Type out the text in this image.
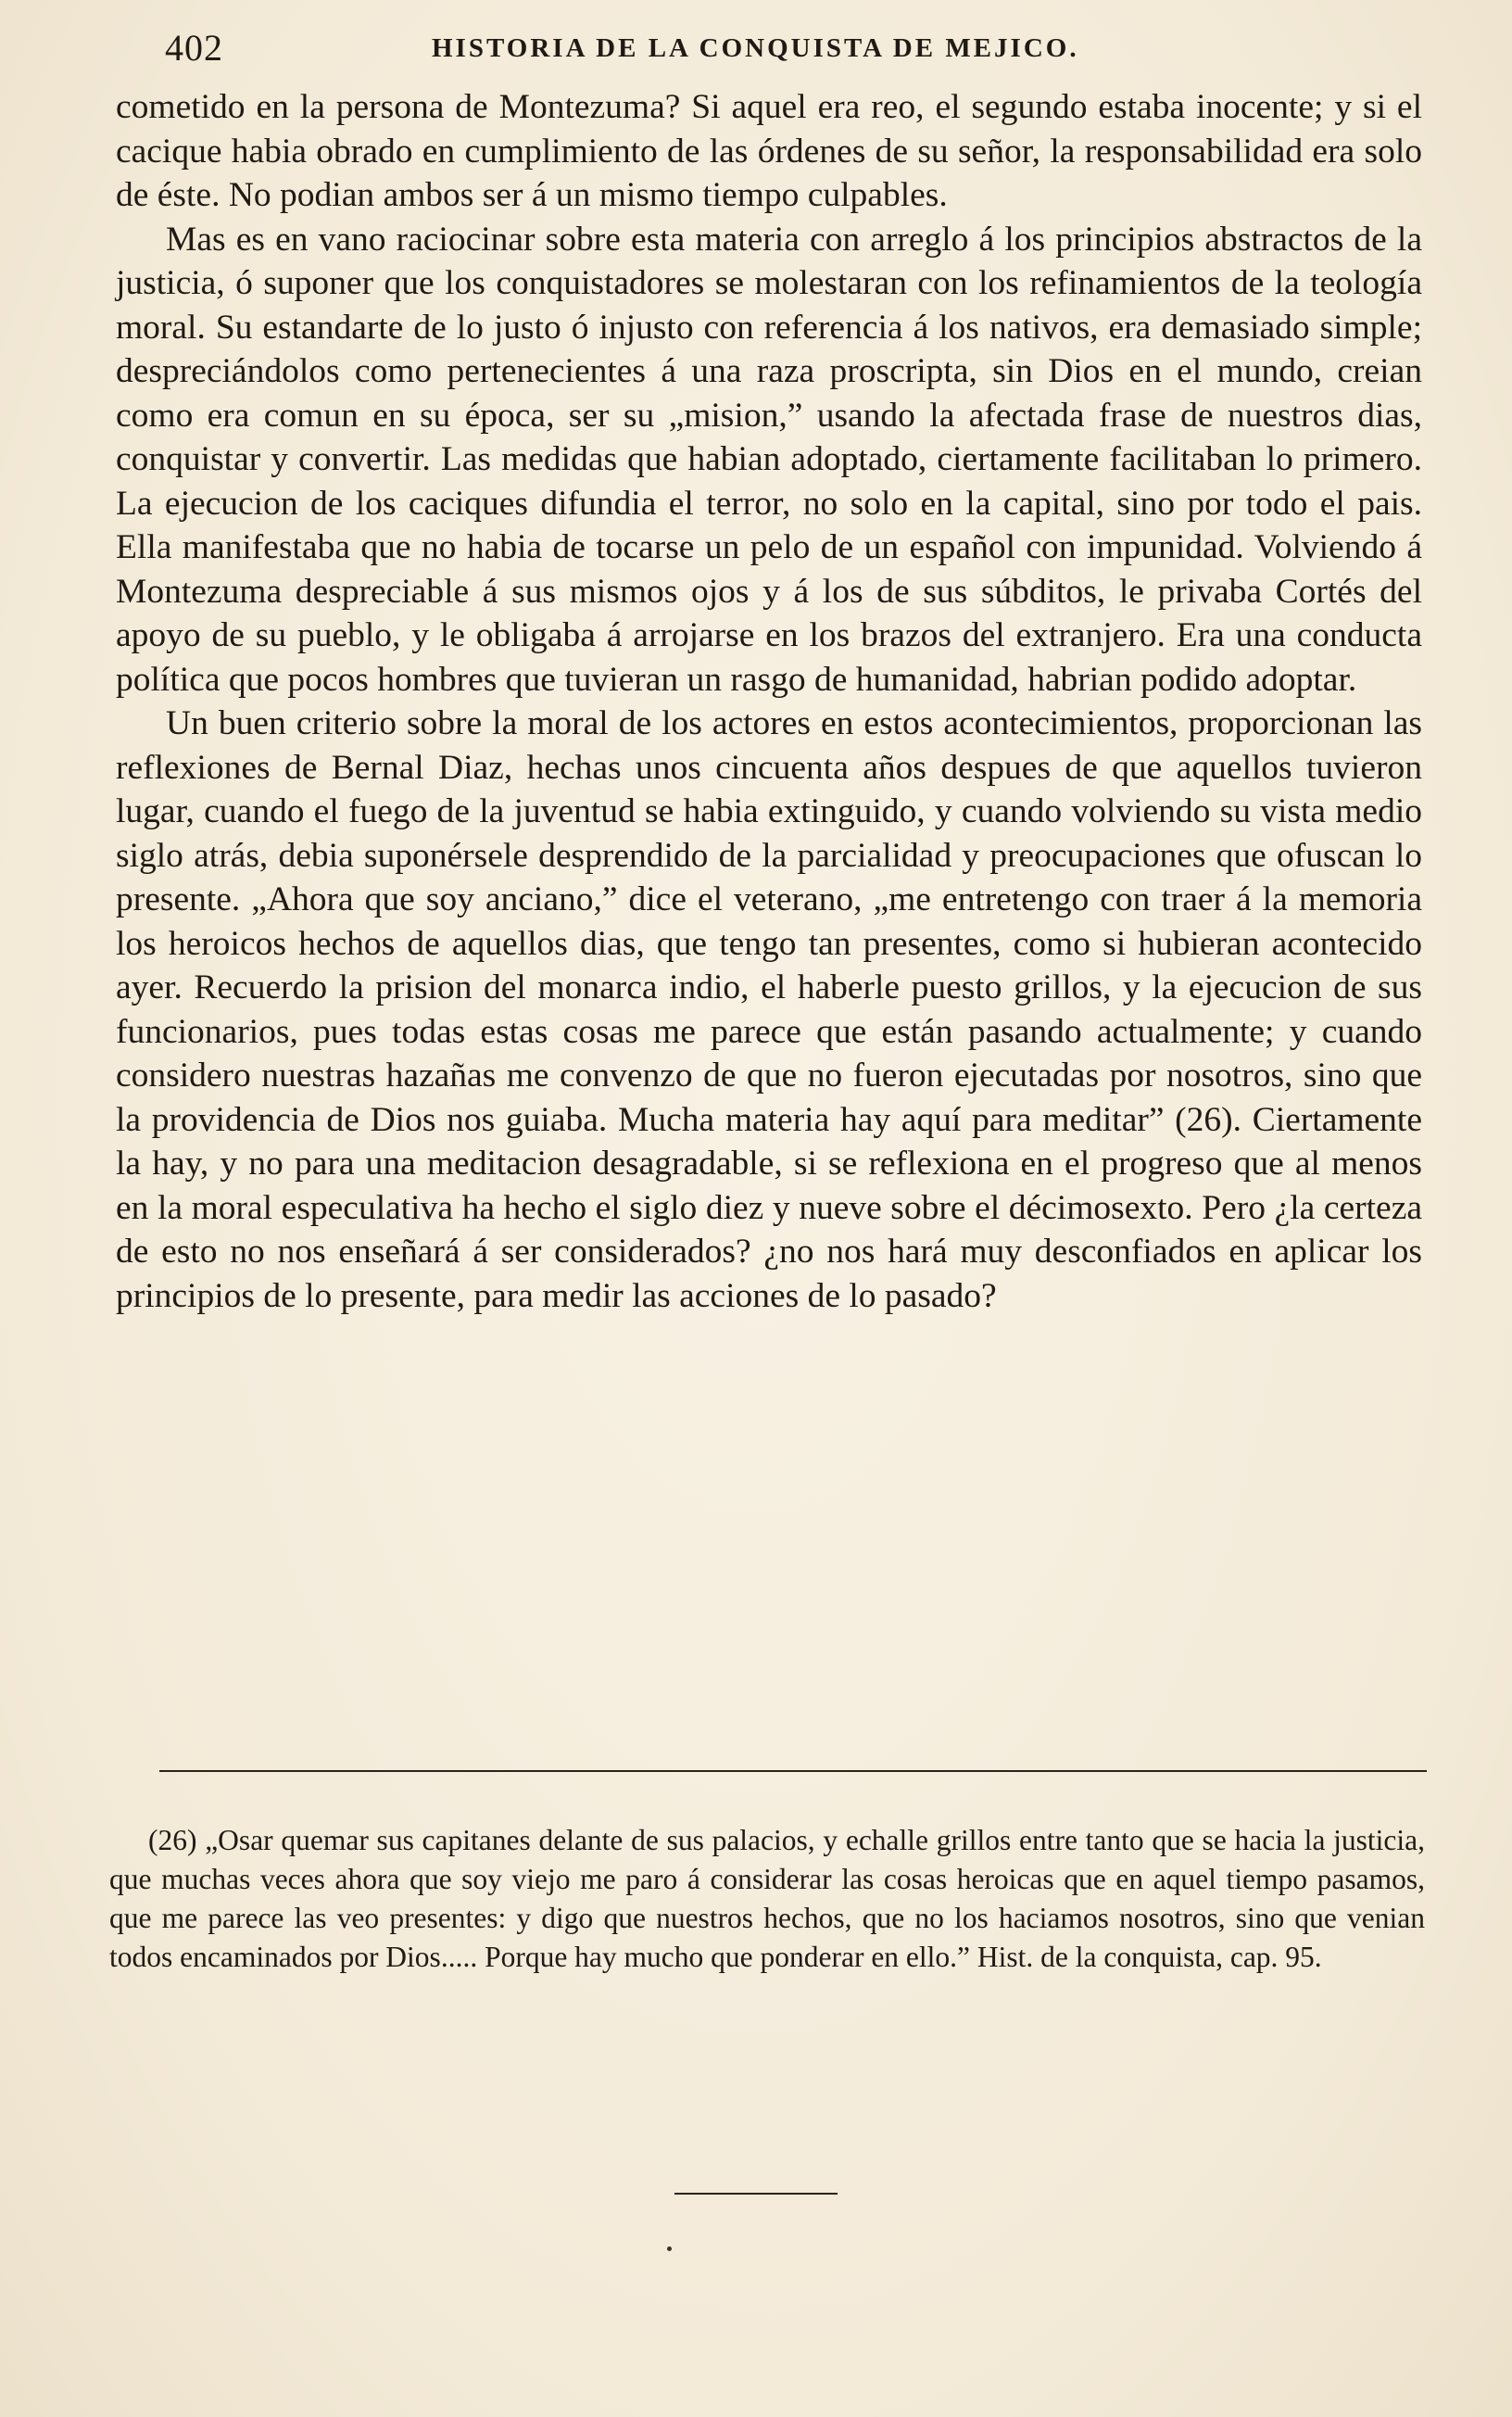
402	HISTORIA DE LA CONQUISTA DE MEJICO.

cometido en la persona de Montezuma? Si aquel era reo, el segundo estaba inocente; y si el cacique habia obrado en cumplimiento de las órdenes de su señor, la responsabilidad era solo de éste. No podian ambos ser á un mismo tiempo culpables.

Mas es en vano raciocinar sobre esta materia con arreglo á los principios abstractos de la justicia, ó suponer que los conquistadores se molestaran con los refinamientos de la teología moral. Su estandarte de lo justo ó injusto con referencia á los nativos, era demasiado simple; despreciándolos como pertenecientes á una raza proscripta, sin Dios en el mundo, creian como era comun en su época, ser su „mision,” usando la afectada frase de nuestros dias, conquistar y convertir. Las medidas que habian adoptado, ciertamente facilitaban lo primero. La ejecucion de los caciques difundia el terror, no solo en la capital, sino por todo el pais. Ella manifestaba que no habia de tocarse un pelo de un español con impunidad. Volviendo á Montezuma despreciable á sus mismos ojos y á los de sus súbditos, le privaba Cortés del apoyo de su pueblo, y le obligaba á arrojarse en los brazos del extranjero. Era una conducta política que pocos hombres que tuvieran un rasgo de humanidad, habrian podido adoptar.

Un buen criterio sobre la moral de los actores en estos acontecimientos, proporcionan las reflexiones de Bernal Diaz, hechas unos cincuenta años despues de que aquellos tuvieron lugar, cuando el fuego de la juventud se habia extinguido, y cuando volviendo su vista medio siglo atrás, debia suponérsele desprendido de la parcialidad y preocupaciones que ofuscan lo presente. „Ahora que soy anciano,” dice el veterano, „me entretengo con traer á la memoria los heroicos hechos de aquellos dias, que tengo tan presentes, como si hubieran acontecido ayer. Recuerdo la prision del monarca indio, el haberle puesto grillos, y la ejecucion de sus funcionarios, pues todas estas cosas me parece que están pasando actualmente; y cuando considero nuestras hazañas me convenzo de que no fueron ejecutadas por nosotros, sino que la providencia de Dios nos guiaba. Mucha materia hay aquí para meditar” (26). Ciertamente la hay, y no para una meditacion desagradable, si se reflexiona en el progreso que al menos en la moral especulativa ha hecho el siglo diez y nueve sobre el décimosexto. Pero ¿la certeza de esto no nos enseñará á ser considerados? ¿no nos hará muy desconfiados en aplicar los principios de lo presente, para medir las acciones de lo pasado?

(26) „Osar quemar sus capitanes delante de sus palacios, y echalle grillos entre tanto que se hacia la justicia, que muchas veces ahora que soy viejo me paro á considerar las cosas heroicas que en aquel tiempo pasamos, que me parece las veo presentes: y digo que nuestros hechos, que no los haciamos nosotros, sino que venian todos encaminados por Dios..... Porque hay mucho que ponderar en ello.” Hist. de la conquista, cap. 95.
